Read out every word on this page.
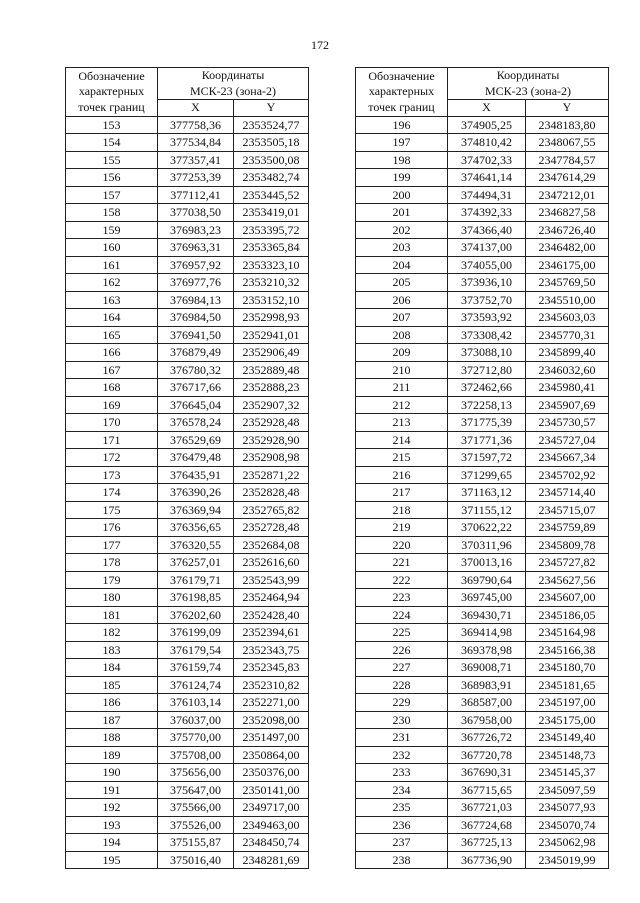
172
Обозначение
характерных
точек границ	Координаты	

	МСК-23 (зона-2)	

	X	Y
153	377758,36	2353524,77
154	377534,84	2353505,18
155	377357,41	2353500,08
156	377253,39	2353482,74
157	377112,41	2353445,52
158	377038,50	2353419,01
159	376983,23	2353395,72
160	376963,31	2353365,84
161	376957,92	2353323,10
162	376977,76	2353210,32
163	376984,13	2353152,10
164	376984,50	2352998,93
165	376941,50	2352941,01
166	376879,49	2352906,49
167	376780,32	2352889,48
168	376717,66	2352888,23
169	376645,04	2352907,32
170	376578,24	2352928,48
171	376529,69	2352928,90
172	376479,48	2352908,98
173	376435,91	2352871,22
174	376390,26	2352828,48
175	376369,94	2352765,82
176	376356,65	2352728,48
177	376320,55	2352684,08
178	376257,01	2352616,60
179	376179,71	2352543,99
180	376198,85	2352464,94
181	376202,60	2352428,40
182	376199,09	2352394,61
183	376179,54	2352343,75
184	376159,74	2352345,83
185	376124,74	2352310,82
186	376103,14	2352271,00
187	376037,00	2352098,00
188	375770,00	2351497,00
189	375708,00	2350864,00
190	375656,00	2350376,00
191	375647,00	2350141,00
192	375566,00	2349717,00
193	375526,00	2349463,00
194	375155,87	2348450,74
195	375016,40	2348281,69
Обозначение
характерных
точек границ	Координаты	

	МСК-23 (зона-2)	

	X	Y
196	374905,25	2348183,80
197	374810,42	2348067,55
198	374702,33	2347784,57
199	374641,14	2347614,29
200	374494,31	2347212,01
201	374392,33	2346827,58
202	374366,40	2346726,40
203	374137,00	2346482,00
204	374055,00	2346175,00
205	373936,10	2345769,50
206	373752,70	2345510,00
207	373593,92	2345603,03
208	373308,42	2345770,31
209	373088,10	2345899,40
210	372712,80	2346032,60
211	372462,66	2345980,41
212	372258,13	2345907,69
213	371775,39	2345730,57
214	371771,36	2345727,04
215	371597,72	2345667,34
216	371299,65	2345702,92
217	371163,12	2345714,40
218	371155,12	2345715,07
219	370622,22	2345759,89
220	370311,96	2345809,78
221	370013,16	2345727,82
222	369790,64	2345627,56
223	369745,00	2345607,00
224	369430,71	2345186,05
225	369414,98	2345164,98
226	369378,98	2345166,38
227	369008,71	2345180,70
228	368983,91	2345181,65
229	368587,00	2345197,00
230	367958,00	2345175,00
231	367726,72	2345149,40
232	367720,78	2345148,73
233	367690,31	2345145,37
234	367715,65	2345097,59
235	367721,03	2345077,93
236	367724,68	2345070,74
237	367725,13	2345062,98
238	367736,90	2345019,99
